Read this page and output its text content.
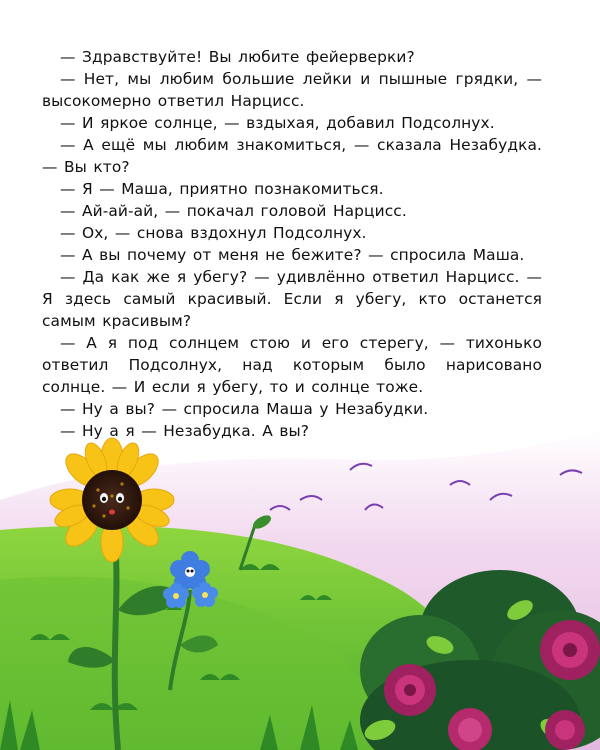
— Здравствуйте! Вы любите фейерверки?

— Нет, мы любим большие лейки и пышные грядки, — высокомерно ответил Нарцисс.

— И яркое солнце, — вздыхая, добавил Подсолнух.

— А ещё мы любим знакомиться, — сказала Незабудка. — Вы кто?

— Я — Маша, приятно познакомиться.

— Ай-ай-ай, — покачал головой Нарцисс.

— Ох, — снова вздохнул Подсолнух.

— А вы почему от меня не бежите? — спросила Маша.

— Да как же я убегу? — удивлённо ответил Нарцисс. — Я здесь самый красивый. Если я убегу, кто останется самым красивым?

— А я под солнцем стою и его стерегу, — тихонько ответил Подсолнух, над которым было нарисовано солнце. — И если я убегу, то и солнце тоже.

— Ну а вы? — спросила Маша у Незабудки.

— Ну а я — Незабудка. А вы?
